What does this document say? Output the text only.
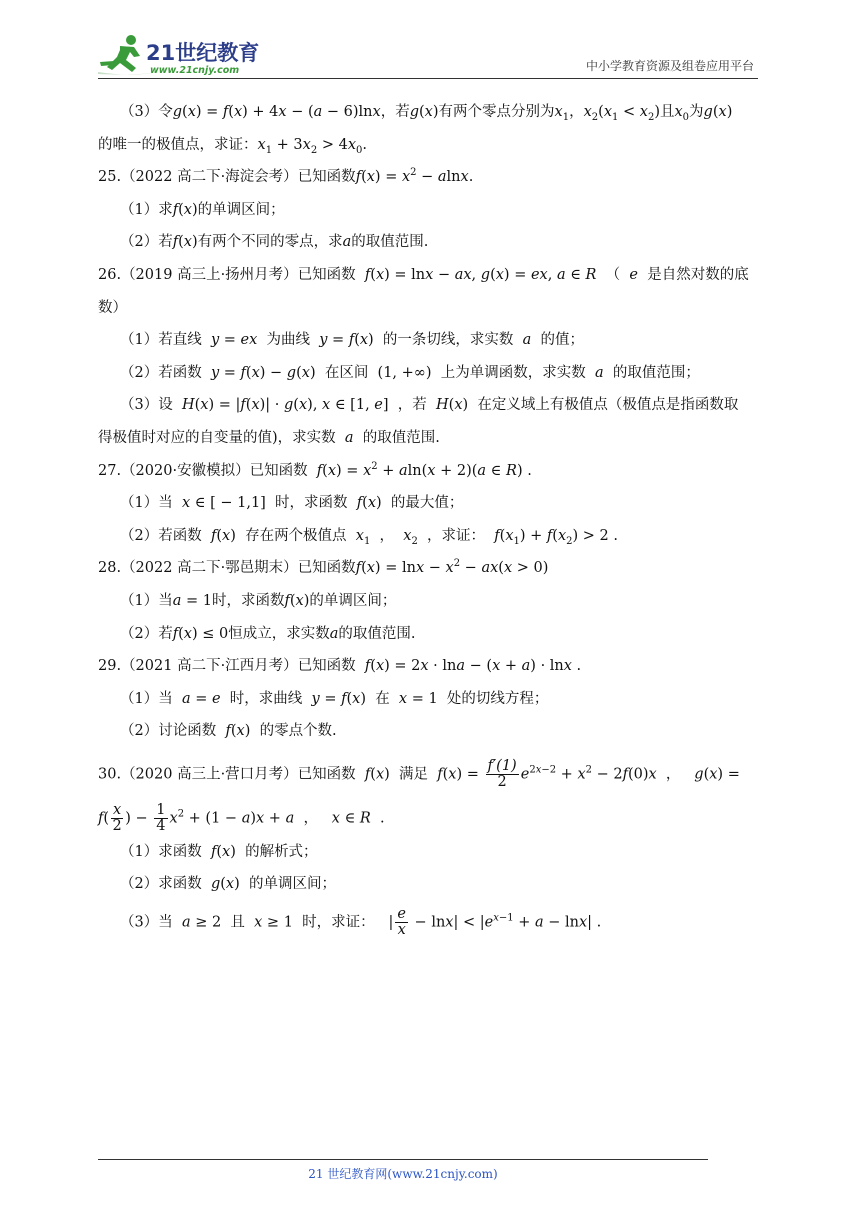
21世纪教育
www.21cnjy.com	中小学教育资源及组卷应用平台
（3）令g(x) = f(x) + 4x − (a − 6)lnx，若g(x)有两个零点分别为$x_1$，$x_2(x_1 < x_2)$且$x_0$为g(x)
的唯一的极值点，求证：$x_1 + 3x_2 > 4x_0$.
25.（2022 高二下·海淀会考）已知函数$f(x) = x^2 - alnx$.
（1）求f(x)的单调区间；
（2）若f(x)有两个不同的零点，求a的取值范围.
26.（2019 高三上·扬州月考）已知函数  f(x) = lnx − ax, g(x) = ex, a ∈ R  （  e  是自然对数的底
数）
（1）若直线  y = ex  为曲线  y = f(x)  的一条切线，求实数  a  的值；
（2）若函数  y = f(x) − g(x)  在区间  (1, +∞)  上为单调函数，求实数  a  的取值范围；
（3）设  H(x) = |f(x)| · g(x), x ∈ [1, e]  ，若  H(x)  在定义域上有极值点（极值点是指函数取
得极值时对应的自变量的值)，求实数  a  的取值范围.
27.（2020·安徽模拟）已知函数  $f(x) = x^2 + aln(x + 2)(a$ ∈ R) .
（1）当  x ∈ [ − 1,1]  时，求函数  f(x)  的最大值；
（2）若函数  f(x)  存在两个极值点  $x_1$  ，  $x_2$  ，求证：  $f(x_1) + f(x_2) > 2$ .
28.（2022 高二下·鄂邑期末）已知函数$f(x) = \ln x - x^2 - ax(x > 0)$
（1）当a = 1时，求函数f(x)的单调区间；
（2）若f(x) ≤ 0恒成立，求实数a的取值范围.
29.（2021 高二下·江西月考）已知函数  f(x) = 2x · lna − (x + a) · lnx .
（1）当  a = e  时，求曲线  y = f(x)  在  x = 1  处的切线方程；
（2）讨论函数  f(x)  的零点个数.
30.（2020 高三上·营口月考）已知函数  f(x)  满足  $f(x) = \frac{f'(1)}{2} e^{2x-2} + x^2 - 2f(0)x$  ，   g(x) =
$f( \frac{x}{2}$ ) − $\frac{1}{4} x^2 + (1 - a)x + a$  ，   x ∈ R  .
（1）求函数  f(x)  的解析式；
（2）求函数  g(x)  的单调区间；
（3）当  a ≥ 2  且  x ≥ 1  时，求证：   | $\frac{e}{x} - \ln x| < |e^{x-1} + a - \ln x|$ .
21 世纪教育网(www.21cnjy.com)
